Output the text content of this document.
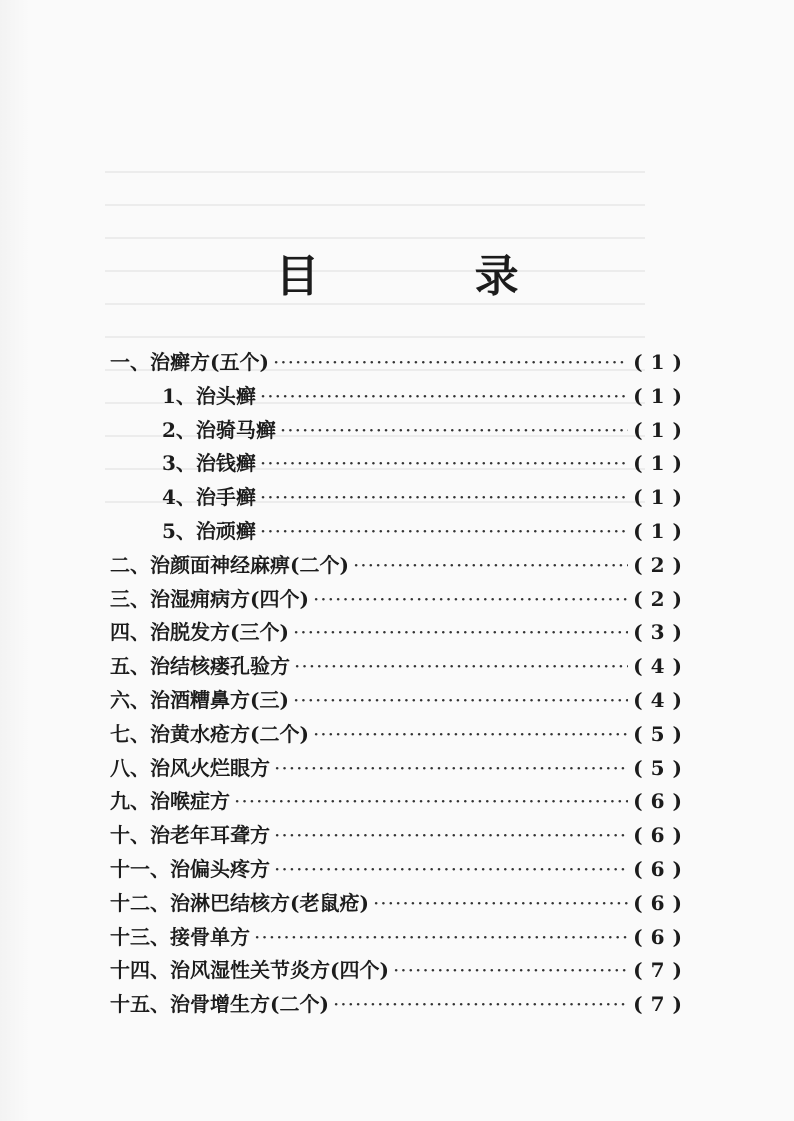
目 录
一、治癣方(五个) ·····	(1)
1、治头癣 ·····	(1)
2、治骑马癣 ·····	(1)
3、治钱癣 ·····	(1)
4、治手癣 ·····	(1)
5、治顽癣 ·····	(1)
二、治颜面神经麻痹(二个) ·····	(2)
三、治湿痈病方(四个) ·····	(2)
四、治脱发方(三个) ·····	(3)
五、治结核瘘孔验方 ·····	(4)
六、治酒糟鼻方(三) ·····	(4)
七、治黄水疮方(二个) ·····	(5)
八、治风火烂眼方 ·····	(5)
九、治喉症方 ·····	(6)
十、治老年耳聋方 ·····	(6)
十一、治偏头疼方 ·····	(6)
十二、治淋巴结核方(老鼠疮) ·····	(6)
十三、接骨单方 ·····	(6)
十四、治风湿性关节炎方(四个) ·····	(7)
十五、治骨增生方(二个) ·····	(7)
